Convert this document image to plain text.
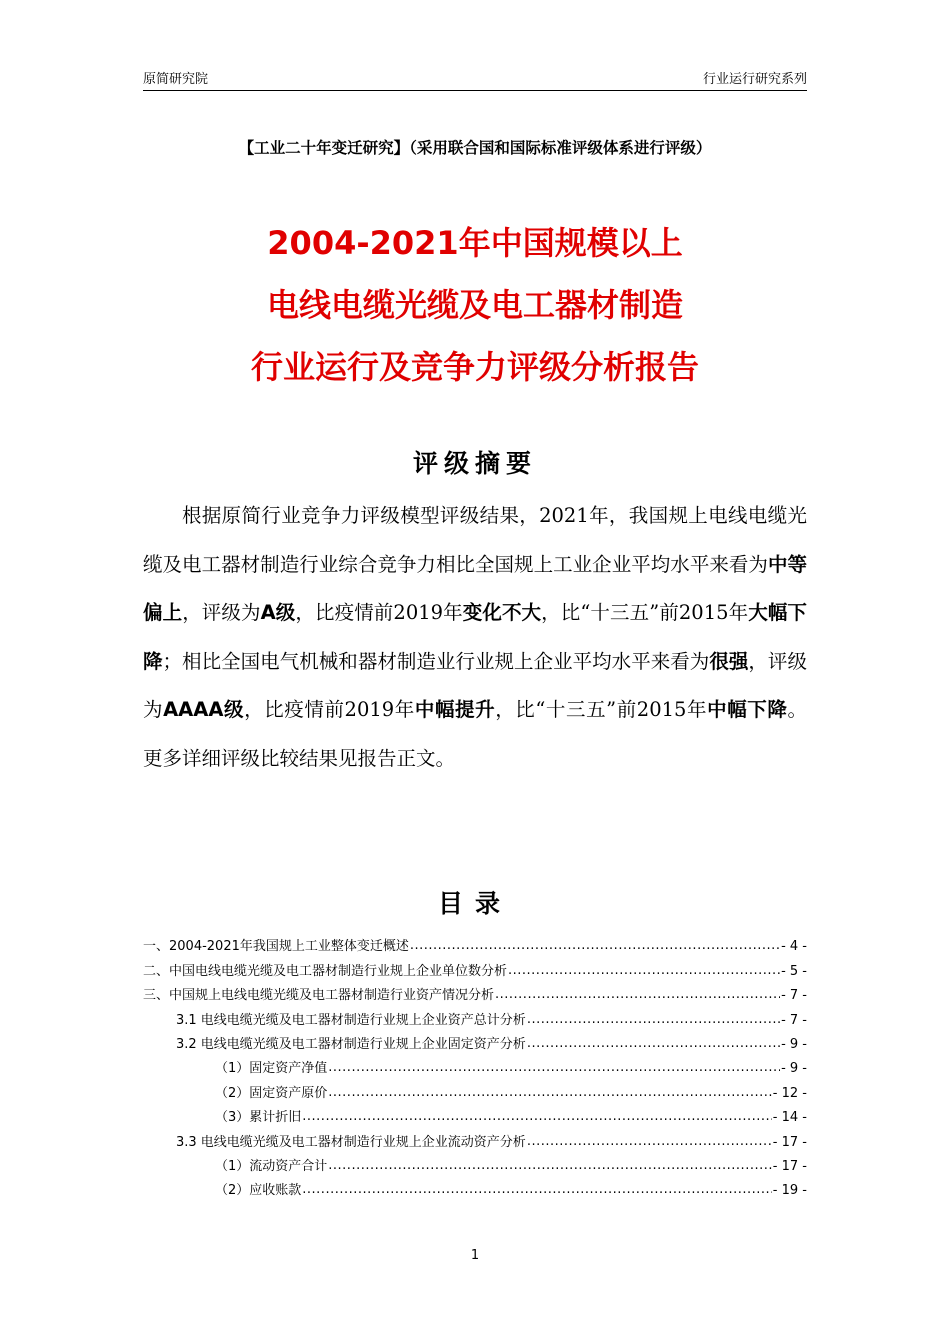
原简研究院	行业运行研究系列
【工业二十年变迁研究】（采用联合国和国际标准评级体系进行评级）
2004-2021年中国规模以上
电线电缆光缆及电工器材制造
行业运行及竞争力评级分析报告
评级摘要
根据原简行业竞争力评级模型评级结果，2021年，我国规上电线电缆光缆及电工器材制造行业综合竞争力相比全国规上工业企业平均水平来看为中等偏上，评级为A级，比疫情前2019年变化不大，比“十三五”前2015年大幅下降；相比全国电气机械和器材制造业行业规上企业平均水平来看为很强，评级为AAAA级，比疫情前2019年中幅提升，比“十三五”前2015年中幅下降。更多详细评级比较结果见报告正文。
目录
一、2004-2021年我国规上工业整体变迁概述 .....	- 4 -
二、中国电线电缆光缆及电工器材制造行业规上企业单位数分析 .....	- 5 -
三、中国规上电线电缆光缆及电工器材制造行业资产情况分析 .....	- 7 -
3.1 电线电缆光缆及电工器材制造行业规上企业资产总计分析 .....	- 7 -
3.2 电线电缆光缆及电工器材制造行业规上企业固定资产分析 .....	- 9 -
（1）固定资产净值 .....	- 9 -
（2）固定资产原价 .....	- 12 -
（3）累计折旧 .....	- 14 -
3.3 电线电缆光缆及电工器材制造行业规上企业流动资产分析 .....	- 17 -
（1）流动资产合计 .....	- 17 -
（2）应收账款 .....	- 19 -
1
